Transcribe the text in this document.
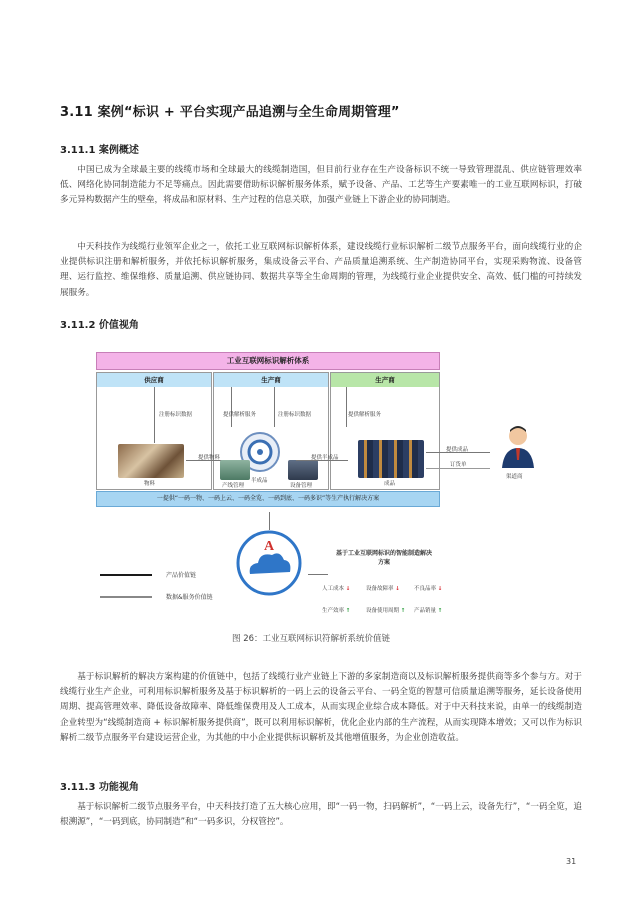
3.11 案例“标识 + 平台实现产品追溯与全生命周期管理”
3.11.1 案例概述

中国已成为全球最主要的线缆市场和全球最大的线缆制造国，但目前行业存在生产设备标识不统一导致管理混乱、供应链管理效率低、网络化协同制造能力不足等痛点。因此需要借助标识解析服务体系，赋予设备、产品、工艺等生产要素唯一的工业互联网标识，打破多元异构数据产生的壁垒，将成品和原材料、生产过程的信息关联，加强产业链上下游企业的协同制造。

中天科技作为线缆行业领军企业之一，依托工业互联网标识解析体系，建设线缆行业标识解析二级节点服务平台，面向线缆行业的企业提供标识注册和解析服务，并依托标识解析服务，集成设备云平台、产品质量追溯系统、生产制造协同平台，实现采购物流、设备管理、运行监控、维保维修、质量追溯、供应链协同、数据共享等全生命周期的管理，为线缆行业企业提供安全、高效、低门槛的可持续发展服务。

3.11.2 价值视角
工业互联网标识解析体系
供应商	生产商	生产商
注册标识数据	提供解析服务	注册标识数据	提供解析服务
物料
提供物料
半成品
产线管理	设备管理
提供半成品
成品
提供成品
订货单
渠道商
一提供“一码一物、一码上云、一码全览、一码到底、一码多识”等生产执行解决方案
A
云平台
产品价值链
数据&服务价值链
基于工业互联网标识的智能制造解决方案
人工成本 ↓	设备故障率 ↓	不良品率 ↓
生产效率 ↑	设备使用周期 ↑ 产品销量 ↑
图 26：工业互联网标识符解析系统价值链

基于标识解析的解决方案构建的价值链中，包括了线缆行业产业链上下游的多家制造商以及标识解析服务提供商等多个参与方。对于线缆行业生产企业，可利用标识解析服务及基于标识解析的一码上云的设备云平台、一码全览的智慧可信质量追溯等服务，延长设备使用周期、提高管理效率、降低设备故障率、降低维保费用及人工成本，从而实现企业综合成本降低。对于中天科技来说，由单一的线缆制造企业转型为“线缆制造商 + 标识解析服务提供商”，既可以利用标识解析，优化企业内部的生产流程，从而实现降本增效；又可以作为标识解析二级节点服务平台建设运营企业，为其他的中小企业提供标识解析及其他增值服务，为企业创造收益。

3.11.3 功能视角

基于标识解析二级节点服务平台，中天科技打造了五大核心应用，即“一码一物，扫码解析”，“一码上云，设备先行”，“一码全览，追根溯源”，“一码到底，协同制造”和“一码多识，分权管控”。

31
